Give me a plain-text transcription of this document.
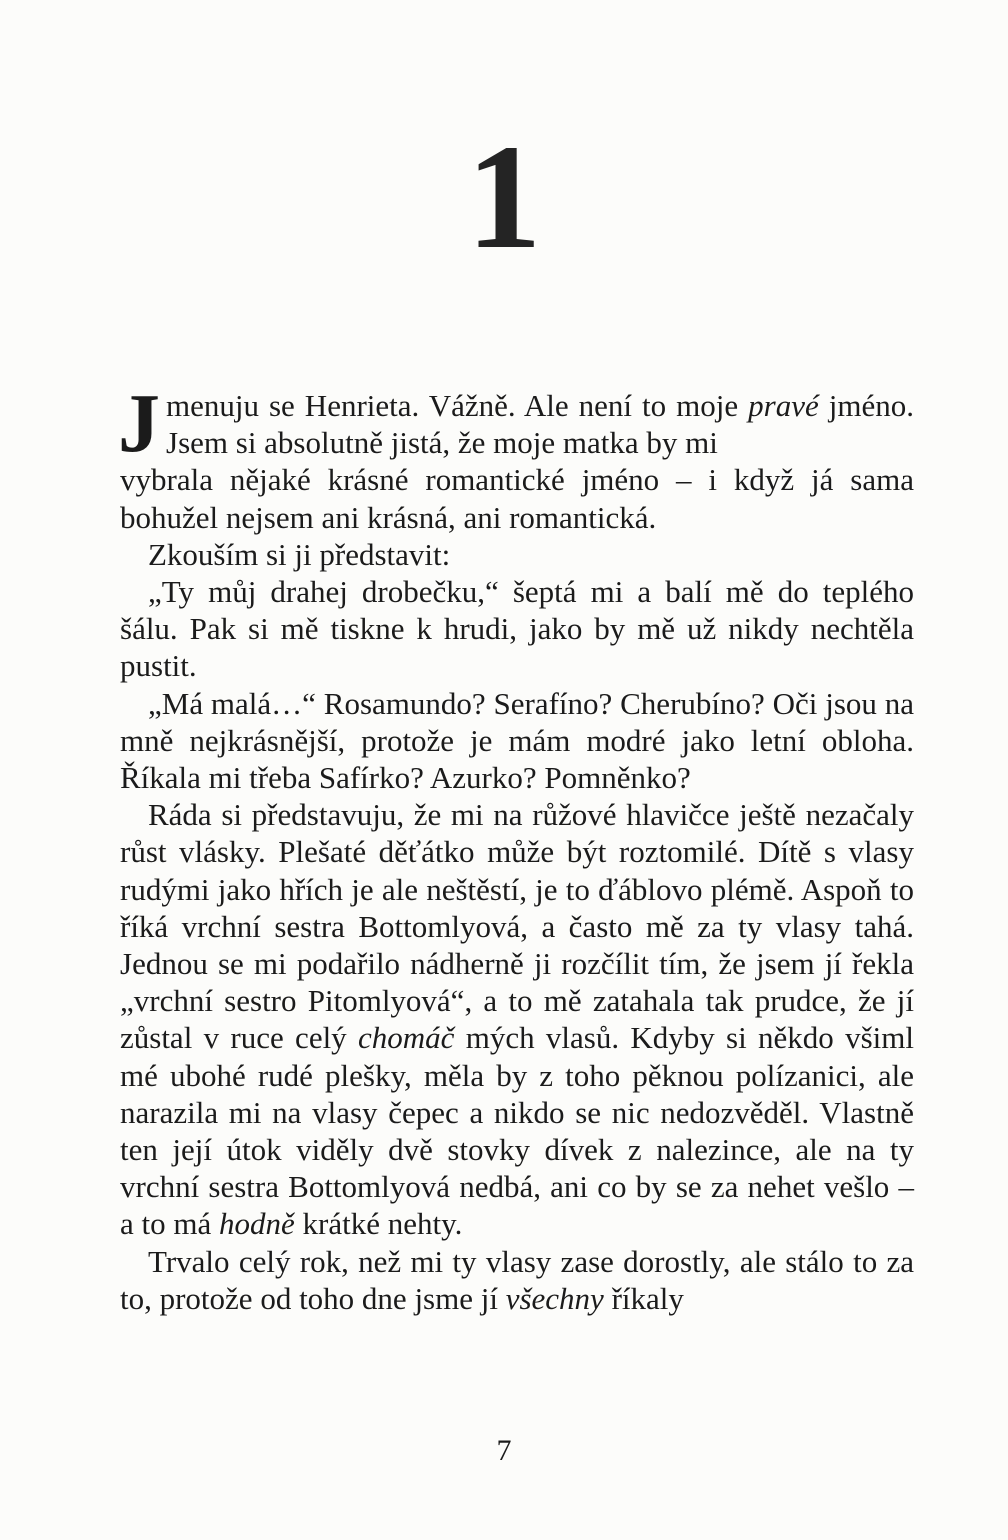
1

J menuju se Henrieta. Vážně. Ale není to moje pravé jméno. Jsem si absolutně jistá, že moje matka by mi
vybrala nějaké krásné romantické jméno – i když já sama bohužel nejsem ani krásná, ani romantická.

Zkouším si ji představit:

„Ty můj drahej drobečku,“ šeptá mi a balí mě do teplého šálu. Pak si mě tiskne k hrudi, jako by mě už nikdy nechtěla pustit.

„Má malá…“ Rosamundo? Serafíno? Cherubíno? Oči jsou na mně nejkrásnější, protože je mám modré jako letní obloha. Říkala mi třeba Safírko? Azurko? Pomněnko?

Ráda si představuju, že mi na růžové hlavičce ještě nezačaly růst vlásky. Plešaté děťátko může být roztomilé. Dítě s vlasy rudými jako hřích je ale neštěstí, je to ďáblovo plémě. Aspoň to říká vrchní sestra Bottomlyová, a často mě za ty vlasy tahá. Jednou se mi podařilo nádherně ji rozčílit tím, že jsem jí řekla „vrchní sestro Pitomlyová“, a to mě zatahala tak prudce, že jí zůstal v ruce celý chomáč mých vlasů. Kdyby si někdo všiml mé ubohé rudé plešky, měla by z toho pěknou polízanici, ale narazila mi na vlasy čepec a nikdo se nic nedozvěděl. Vlastně ten její útok viděly dvě stovky dívek z nalezince, ale na ty vrchní sestra Bottomlyová nedbá, ani co by se za nehet vešlo – a to má hodně krátké nehty.

Trvalo celý rok, než mi ty vlasy zase dorostly, ale stálo to za to, protože od toho dne jsme jí všechny říkaly

7
